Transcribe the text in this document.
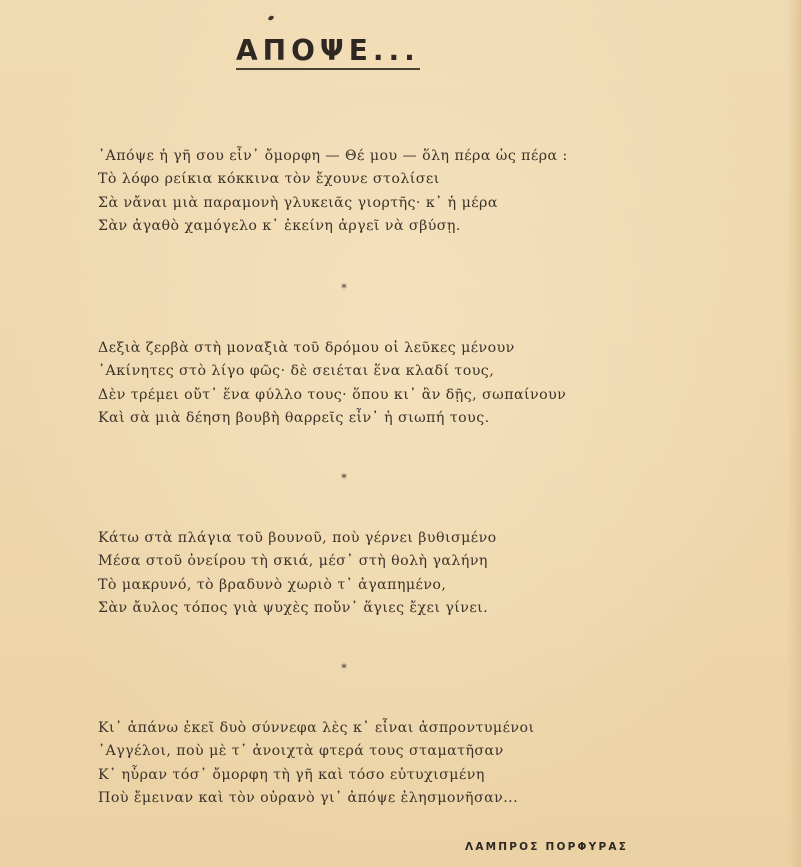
ΑΠΟΨΕ...
᾿Απόψε ἡ γῆ σου εἶν᾿ ὄμορφη — Θέ μου — ὅλη πέρα ὡς πέρα :
Τὸ λόφο ρείκια κόκκινα τὸν ἔχουνε στολίσει
Σὰ νἄναι μιὰ παραμονὴ γλυκειᾶς γιορτῆς· κ᾿ ἡ μέρα
Σὰν ἀγαθὸ χαμόγελο κ᾿ ἐκείνη ἀργεῖ νὰ σβύσῃ.
⁎
Δεξιὰ ζερβὰ στὴ μοναξιὰ τοῦ δρόμου οἱ λεῦκες μένουν
᾿Ακίνητες στὸ λίγο φῶς· δὲ σειέται ἕνα κλαδί τους,
Δὲν τρέμει οὔτ᾿ ἕνα φύλλο τους· ὅπου κι᾿ ἂν δῇς, σωπαίνουν
Καὶ σὰ μιὰ δέηση βουβὴ θαρρεῖς εἶν᾿ ἡ σιωπή τους.
⁎
Κάτω στὰ πλάγια τοῦ βουνοῦ, ποὺ γέρνει βυθισμένο
Μέσα στοῦ ὀνείρου τὴ σκιά, μέσ᾿ στὴ θολὴ γαλήνη
Τὸ μακρυνό, τὸ βραδυνὸ χωριὸ τ᾿ ἀγαπημένο,
Σὰν ἄυλος τόπος γιὰ ψυχὲς ποὔν᾿ ἅγιες ἔχει γίνει.
⁎
Κι᾿ ἀπάνω ἐκεῖ δυὸ σύννεφα λὲς κ᾿ εἶναι ἀσπροντυμένοι
᾿Αγγέλοι, ποὺ μὲ τ᾿ ἀνοιχτὰ φτερά τους σταματῆσαν
Κ᾿ ηὗραν τόσ᾿ ὄμορφη τὴ γῆ καὶ τόσο εὐτυχισμένη
Ποὺ ἔμειναν καὶ τὸν οὐρανὸ γι᾿ ἀπόψε ἐλησμονῆσαν...
ΛΑΜΠΡΟΣ ΠΟΡΦΥΡΑΣ
